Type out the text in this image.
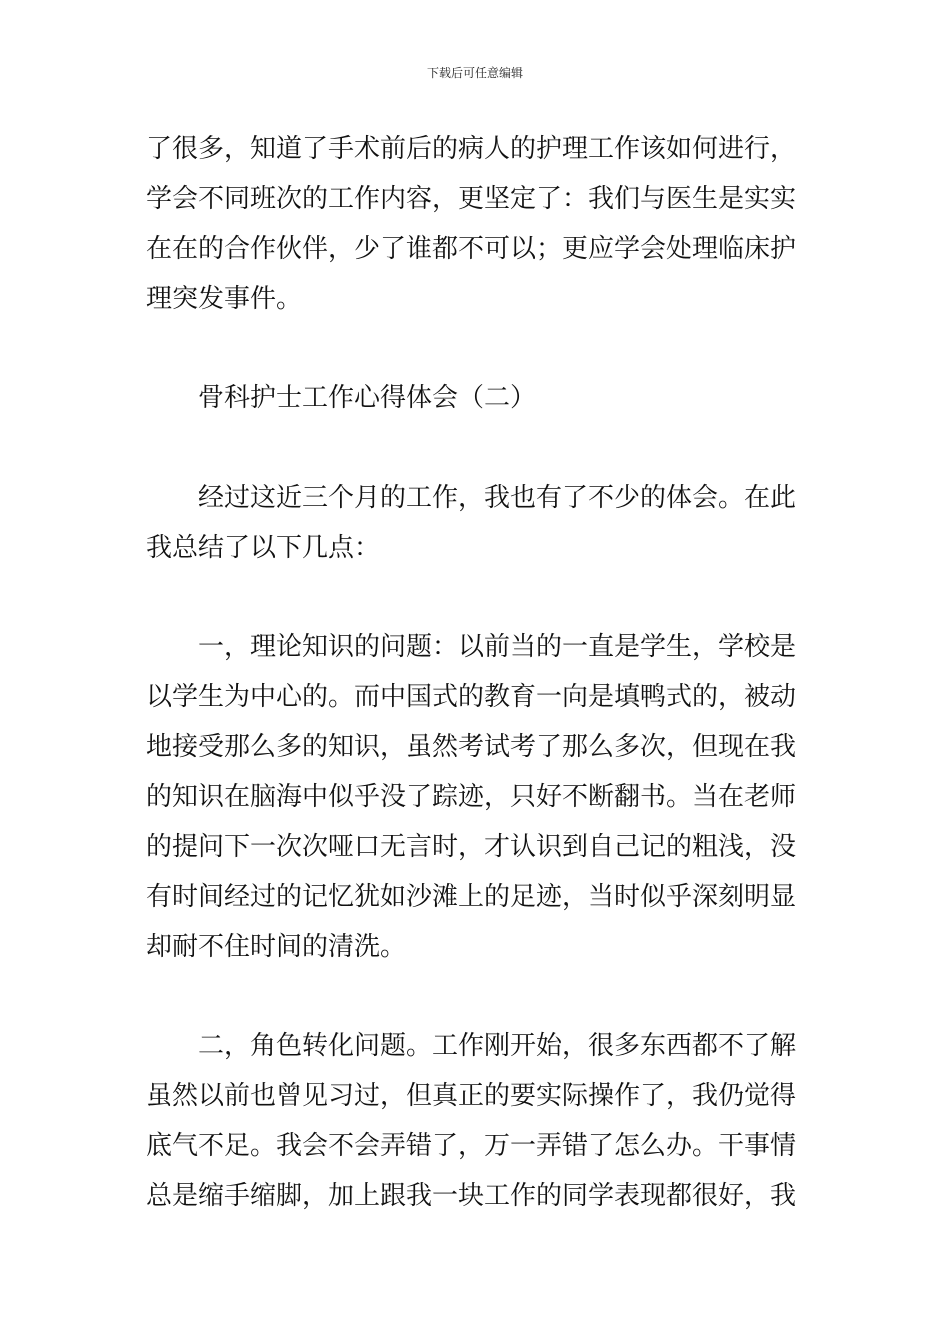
下载后可任意编辑
了很多，知道了手术前后的病人的护理工作该如何进行，
学会不同班次的工作内容，更坚定了：我们与医生是实实
在在的合作伙伴，少了谁都不可以；更应学会处理临床护
理突发事件。
骨科护士工作心得体会（二）
经过这近三个月的工作，我也有了不少的体会。在此
我总结了以下几点：
一，理论知识的问题：以前当的一直是学生，学校是
以学生为中心的。而中国式的教育一向是填鸭式的，被动
地接受那么多的知识，虽然考试考了那么多次，但现在我
的知识在脑海中似乎没了踪迹，只好不断翻书。当在老师
的提问下一次次哑口无言时，才认识到自己记的粗浅，没
有时间经过的记忆犹如沙滩上的足迹，当时似乎深刻明显
却耐不住时间的清洗。
二，角色转化问题。工作刚开始，很多东西都不了解
虽然以前也曾见习过，但真正的要实际操作了，我仍觉得
底气不足。我会不会弄错了，万一弄错了怎么办。干事情
总是缩手缩脚，加上跟我一块工作的同学表现都很好，我
